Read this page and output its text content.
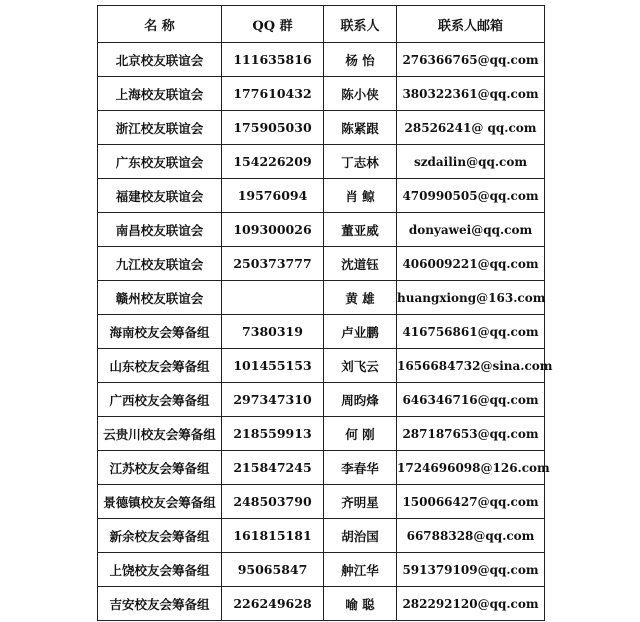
名 称	QQ 群	联系人	联系人邮箱
北京校友联谊会	111635816	杨 怡	276366765@qq.com
上海校友联谊会	177610432	陈小侠	380322361@qq.com
浙江校友联谊会	175905030	陈紧跟	28526241@ qq.com
广东校友联谊会	154226209	丁志林	szdailin@qq.com
福建校友联谊会	19576094	肖 鲸	470990505@qq.com
南昌校友联谊会	109300026	董亚威	donyawei@qq.com
九江校友联谊会	250373777	沈道钰	406009221@qq.com
赣州校友联谊会		黄 雄	huangxiong@163.com
海南校友会筹备组	7380319	卢业鹏	416756861@qq.com
山东校友会筹备组	101455153	刘飞云	1656684732@sina.com
广西校友会筹备组	297347310	周昀烽	646346716@qq.com
云贵川校友会筹备组	218559913	何 刚	287187653@qq.com
江苏校友会筹备组	215847245	李春华	1724696098@126.com
景德镇校友会筹备组	248503790	齐明星	150066427@qq.com
新余校友会筹备组	161815181	胡治国	66788328@qq.com
上饶校友会筹备组	95065847	舯江华	591379109@qq.com
吉安校友会筹备组	226249628	喻 聪	282292120@qq.com
